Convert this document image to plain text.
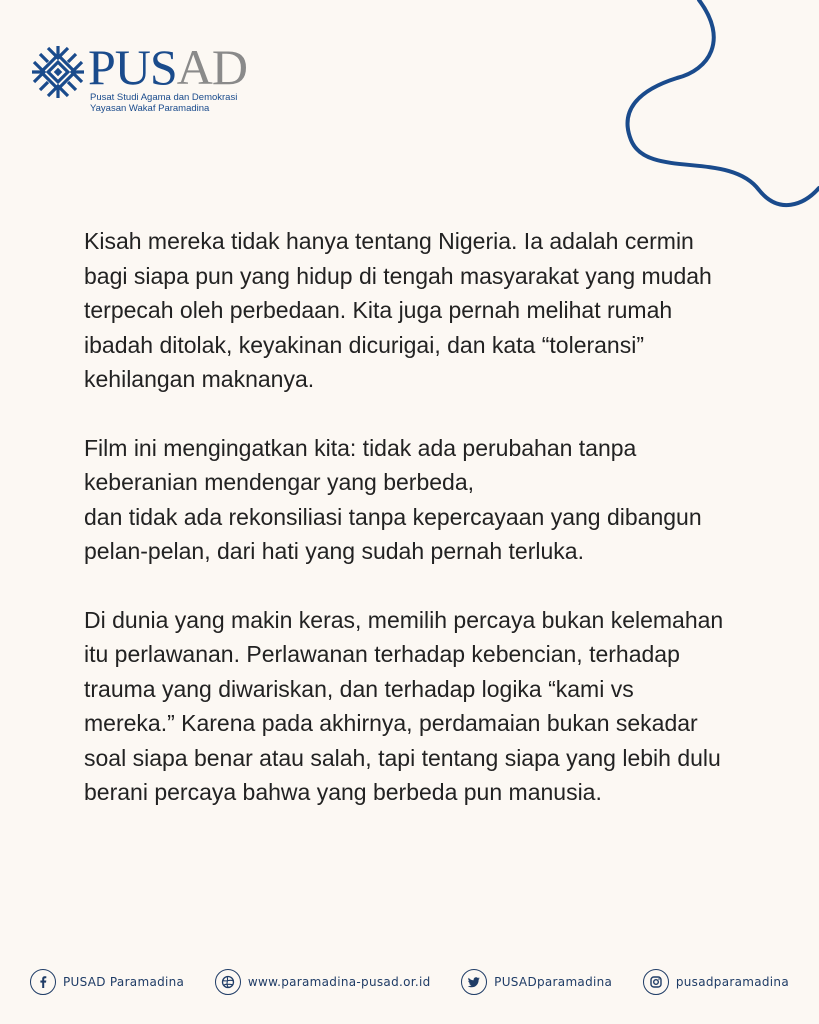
PUSAD
Pusat Studi Agama dan Demokrasi
Yayasan Wakaf Paramadina

Kisah mereka tidak hanya tentang Nigeria. Ia adalah cermin
bagi siapa pun yang hidup di tengah masyarakat yang mudah
terpecah oleh perbedaan. Kita juga pernah melihat rumah
ibadah ditolak, keyakinan dicurigai, dan kata “toleransi”
kehilangan maknanya.

Film ini mengingatkan kita: tidak ada perubahan tanpa
keberanian mendengar yang berbeda,
dan tidak ada rekonsiliasi tanpa kepercayaan yang dibangun
pelan-pelan, dari hati yang sudah pernah terluka.

Di dunia yang makin keras, memilih percaya bukan kelemahan
itu perlawanan. Perlawanan terhadap kebencian, terhadap
trauma yang diwariskan, dan terhadap logika “kami vs
mereka.” Karena pada akhirnya, perdamaian bukan sekadar
soal siapa benar atau salah, tapi tentang siapa yang lebih dulu
berani percaya bahwa yang berbeda pun manusia.

PUSAD Paramadina	www.paramadina-pusad.or.id	PUSADparamadina	pusadparamadina
